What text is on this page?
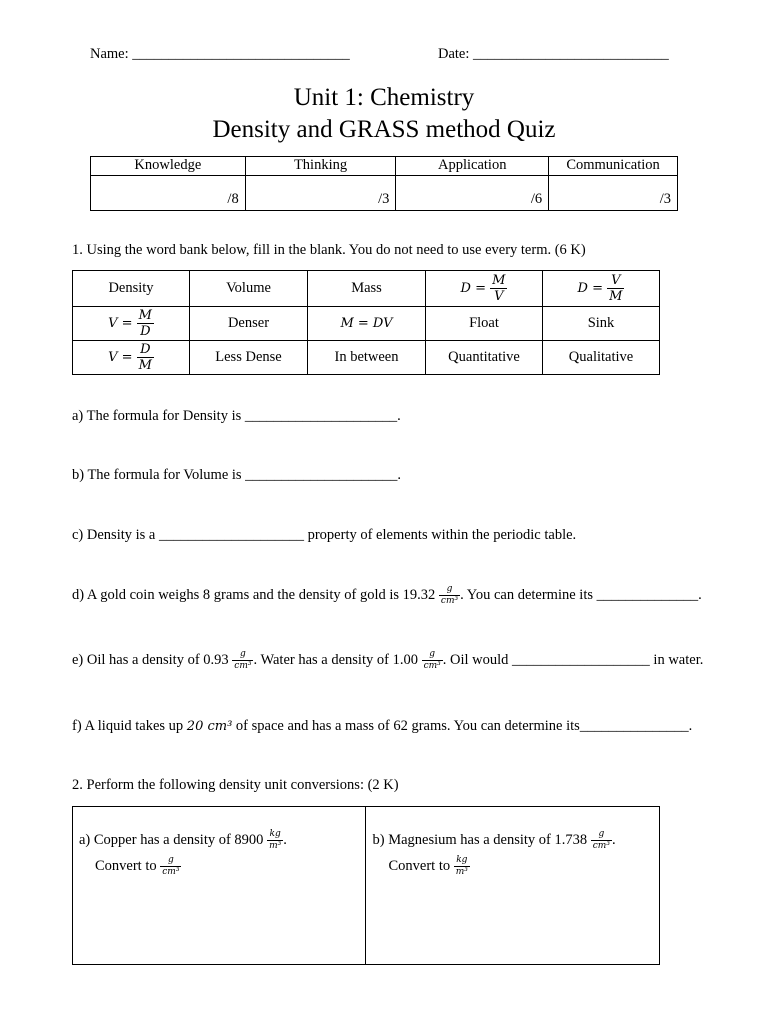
Name: ______________________________	Date: ___________________________
Unit 1: Chemistry
Density and GRASS method Quiz
Knowledge	Thinking	Application	Communication
/8	/3	/6	/3
1. Using the word bank below, fill in the blank. You do not need to use every term. (6 K)
Density	Volume	Mass	$D = \frac{M}{V}$	$D = \frac{V}{M}$

$V = \frac{M}{D}$	Denser	M = DV	Float	Sink
$V = \frac{D}{M}$	Less Dense	In between	Quantitative	Qualitative
a) The formula for Density is _____________________.
b) The formula for Volume is _____________________.
c) Density is a ____________________ property of elements within the periodic table.
d) A gold coin weighs 8 grams and the density of gold is $19.32 \frac{g}{\text{cm³}}$ . You can determine its ______________.
e) Oil has a density of $0.93 \frac{g}{\text{cm³}}$ . Water has a density of $1.00 \frac{g}{\text{cm³}}$ . Oil would ___________________ in water.
f) A liquid takes up 20 cm³ of space and has a mass of 62 grams. You can determine its_______________.
2. Perform the following density unit conversions: (2 K)
a) Copper has a density of $8900 \frac{kg}{\text{m³}}$ .
Convert to $\frac{g}{\text{cm³}}$

b) Magnesium has a density of $1.738 \frac{g}{\text{cm³}}$ .
Convert to $\frac{kg}{\text{m³}}$
